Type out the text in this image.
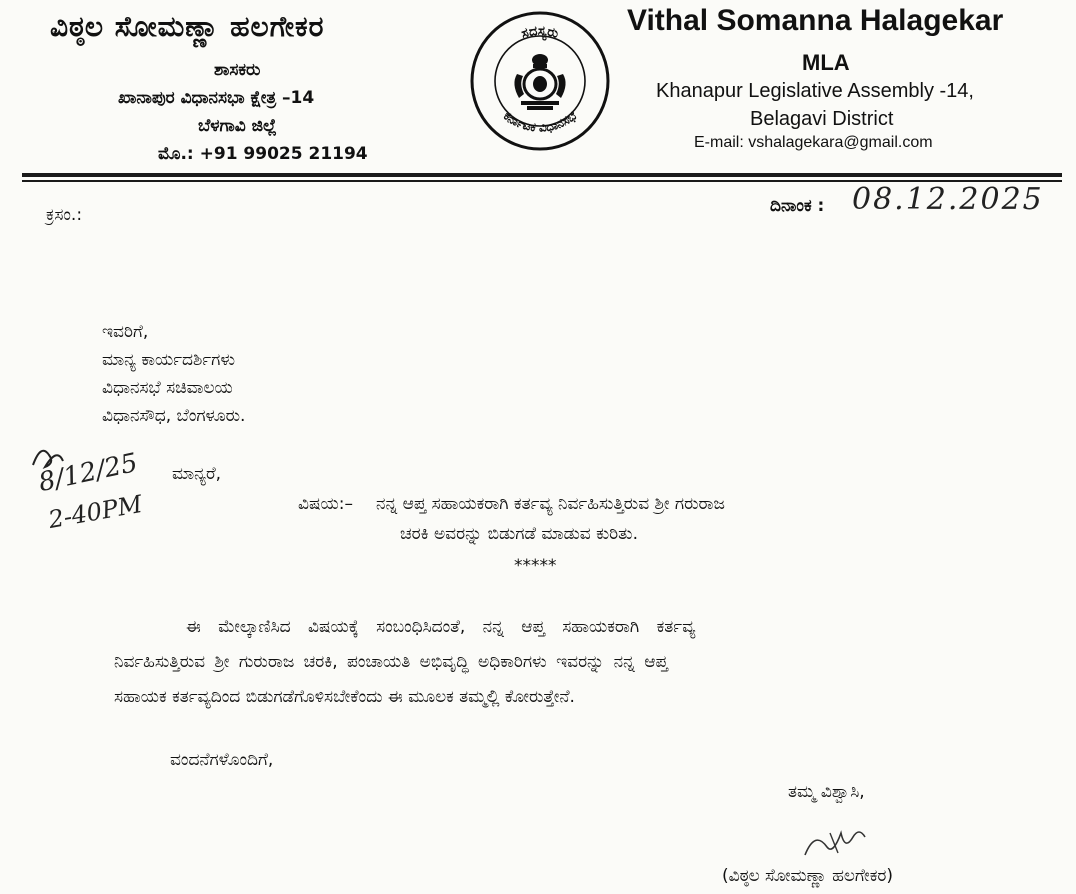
ವಿಠ್ಠಲ ಸೋಮಣ್ಣಾ ಹಲಗೇಕರ
ಶಾಸಕರು
ಖಾನಾಪುರ ವಿಧಾನಸಭಾ ಕ್ಷೇತ್ರ –14
ಬೆಳಗಾವಿ ಜಿಲ್ಲೆ
ಮೊ.: +91 99025 21194
ಸದಸ್ಯರು
ಕರ್ನಾಟಕ ವಿಧಾನಸಭೆ
Vithal Somanna Halagekar
MLA
Khanapur Legislative Assembly -14,
Belagavi District
E-mail: vshalagekara@gmail.com
ಕ್ರಸಂ.:	ದಿನಾಂಕ : 08.12.2025
ಇವರಿಗೆ,
ಮಾನ್ಯ ಕಾರ್ಯದರ್ಶಿಗಳು
ವಿಧಾನಸಭೆ ಸಚಿವಾಲಯ
ವಿಧಾನಸೌಧ, ಬೆಂಗಳೂರು.
8/12/25
2-40PM
ಮಾನ್ಯರೆ,
ವಿಷಯ:– ನನ್ನ ಆಪ್ತ ಸಹಾಯಕರಾಗಿ ಕರ್ತವ್ಯ ನಿರ್ವಹಿಸುತ್ತಿರುವ ಶ್ರೀ ಗರುರಾಜ
ಚರಕಿ ಅವರನ್ನು ಬಿಡುಗಡೆ ಮಾಡುವ ಕುರಿತು.
*****
ಈ ಮೇಲ್ಕಾಣಿಸಿದ ವಿಷಯಕ್ಕೆ ಸಂಬಂಧಿಸಿದಂತೆ, ನನ್ನ ಆಪ್ತ ಸಹಾಯಕರಾಗಿ ಕರ್ತವ್ಯ
ನಿರ್ವಹಿಸುತ್ತಿರುವ ಶ್ರೀ ಗುರುರಾಜ ಚರಕಿ, ಪಂಚಾಯತಿ ಅಭಿವೃದ್ಧಿ ಅಧಿಕಾರಿಗಳು ಇವರನ್ನು ನನ್ನ ಆಪ್ತ
ಸಹಾಯಕ ಕರ್ತವ್ಯದಿಂದ ಬಿಡುಗಡೆಗೊಳಿಸಬೇಕೆಂದು ಈ ಮೂಲಕ ತಮ್ಮಲ್ಲಿ ಕೋರುತ್ತೇನೆ.
ವಂದನೆಗಳೊಂದಿಗೆ,
ತಮ್ಮ ವಿಶ್ವಾಸಿ,
(ವಿಠ್ಠಲ ಸೋಮಣ್ಣಾ ಹಲಗೇಕರ)
